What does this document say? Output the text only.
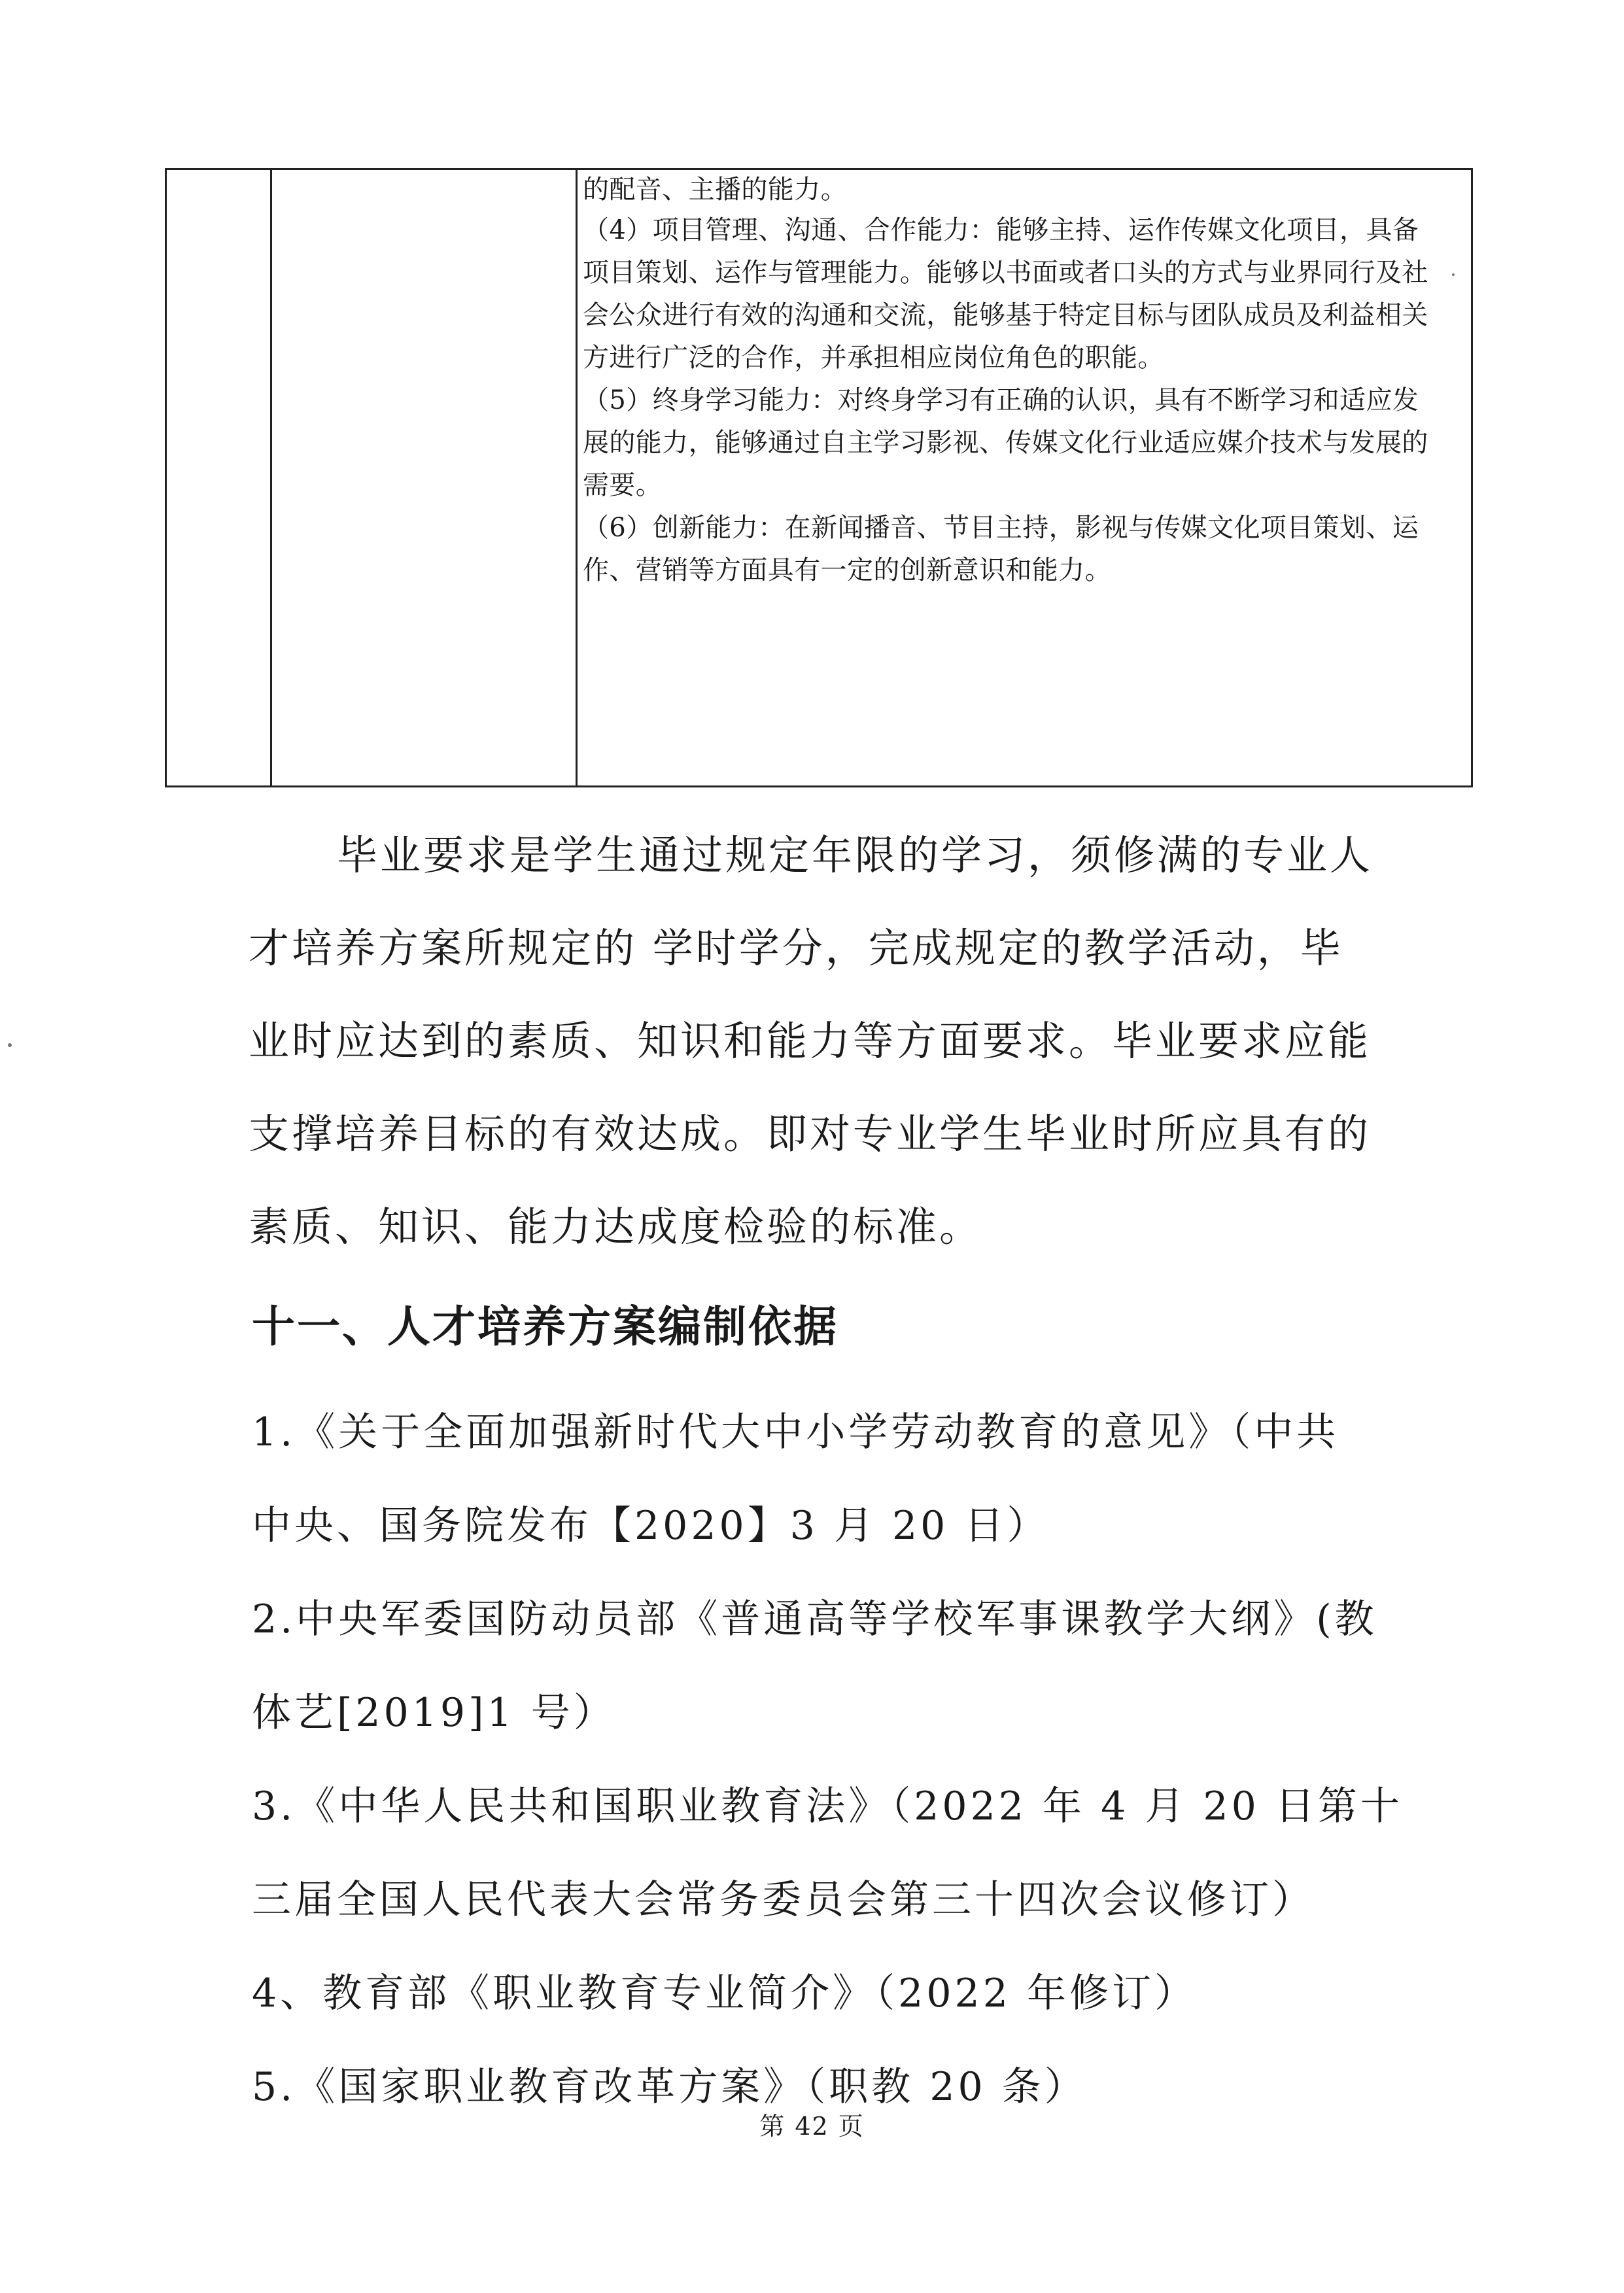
的配音、主播的能力。
（4）项目管理、沟通、合作能力：能够主持、运作传媒文化项目，具备
项目策划、运作与管理能力。能够以书面或者口头的方式与业界同行及社
会公众进行有效的沟通和交流，能够基于特定目标与团队成员及利益相关
方进行广泛的合作，并承担相应岗位角色的职能。
（5）终身学习能力：对终身学习有正确的认识，具有不断学习和适应发
展的能力，能够通过自主学习影视、传媒文化行业适应媒介技术与发展的
需要。
（6）创新能力：在新闻播音、节目主持，影视与传媒文化项目策划、运
作、营销等方面具有一定的创新意识和能力。
毕业要求是学生通过规定年限的学习，须修满的专业人
才培养方案所规定的 学时学分，完成规定的教学活动，毕
业时应达到的素质、知识和能力等方面要求。毕业要求应能
支撑培养目标的有效达成。即对专业学生毕业时所应具有的
素质、知识、能力达成度检验的标准。
十一、人才培养方案编制依据
1.《关于全面加强新时代大中小学劳动教育的意见》（中共
中央、国务院发布【2020】3 月 20 日）
2.中央军委国防动员部《普通高等学校军事课教学大纲》(教
体艺[2019]1 号）
3.《中华人民共和国职业教育法》（2022 年 4 月 20 日第十
三届全国人民代表大会常务委员会第三十四次会议修订）
4、教育部《职业教育专业简介》（2022 年修订）
5.《国家职业教育改革方案》（职教 20 条）
第 42 页
